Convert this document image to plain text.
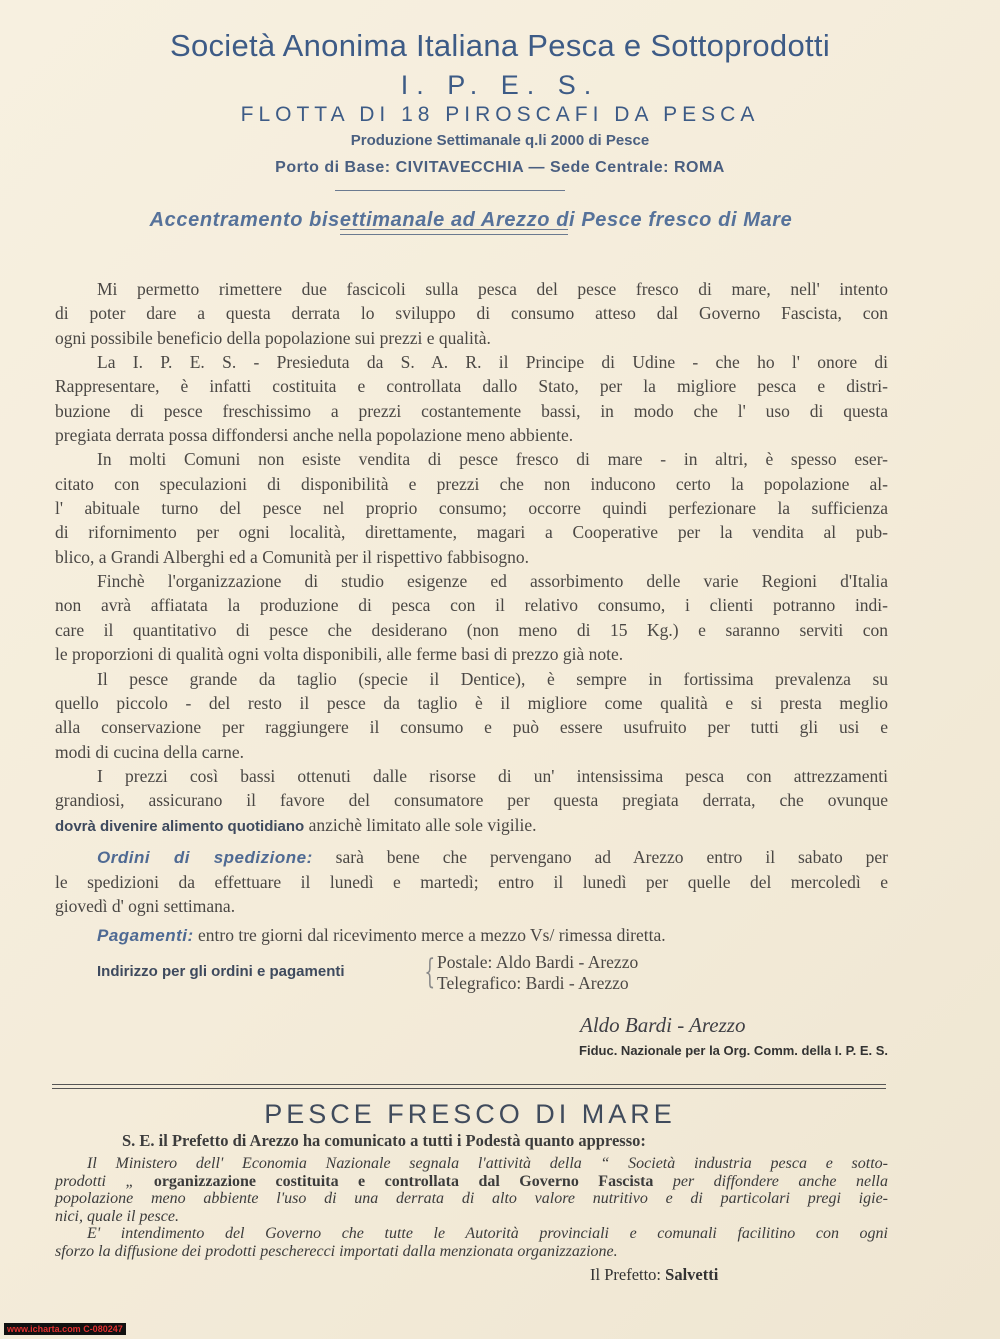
Società Anonima Italiana Pesca e Sottoprodotti
I. P. E. S.
FLOTTA DI 18 PIROSCAFI DA PESCA
Produzione Settimanale q.li 2000 di Pesce
Porto di Base: CIVITAVECCHIA — Sede Centrale: ROMA
Accentramento bisettimanale ad Arezzo di Pesce fresco di Mare
Mi permetto rimettere due fascicoli sulla pesca del pesce fresco di mare, nell' intento
di poter dare a questa derrata lo sviluppo di consumo atteso dal Governo Fascista, con
ogni possibile beneficio della popolazione sui prezzi e qualità.
La I. P. E. S. - Presieduta da S. A. R. il Principe di Udine - che ho l' onore di
Rappresentare, è infatti costituita e controllata dallo Stato, per la migliore pesca e distri-
buzione di pesce freschissimo a prezzi costantemente bassi, in modo che l' uso di questa
pregiata derrata possa diffondersi anche nella popolazione meno abbiente.
In molti Comuni non esiste vendita di pesce fresco di mare - in altri, è spesso eser-
citato con speculazioni di disponibilità e prezzi che non inducono certo la popolazione al-
l' abituale turno del pesce nel proprio consumo; occorre quindi perfezionare la sufficienza
di rifornimento per ogni località, direttamente, magari a Cooperative per la vendita al pub-
blico, a Grandi Alberghi ed a Comunità per il rispettivo fabbisogno.
Finchè l'organizzazione di studio esigenze ed assorbimento delle varie Regioni d'Italia
non avrà affiatata la produzione di pesca con il relativo consumo, i clienti potranno indi-
care il quantitativo di pesce che desiderano (non meno di 15 Kg.) e saranno serviti con
le proporzioni di qualità ogni volta disponibili, alle ferme basi di prezzo già note.
Il pesce grande da taglio (specie il Dentice), è sempre in fortissima prevalenza su
quello piccolo - del resto il pesce da taglio è il migliore come qualità e si presta meglio
alla conservazione per raggiungere il consumo e può essere usufruito per tutti gli usi e
modi di cucina della carne.
I prezzi così bassi ottenuti dalle risorse di un' intensissima pesca con attrezzamenti
grandiosi, assicurano il favore del consumatore per questa pregiata derrata, che ovunque
dovrà divenire alimento quotidiano anzichè limitato alle sole vigilie.
Ordini di spedizione: sarà bene che pervengano ad Arezzo entro il sabato per
le spedizioni da effettuare il lunedì e martedì; entro il lunedì per quelle del mercoledì e
giovedì d' ogni settimana.
Pagamenti: entro tre giorni dal ricevimento merce a mezzo Vs/ rimessa diretta.
Indirizzo per gli ordini e pagamenti { Postale: Aldo Bardi - Arezzo
Telegrafico: Bardi - Arezzo
Aldo Bardi - Arezzo
Fiduc. Nazionale per la Org. Comm. della I. P. E. S.
PESCE FRESCO DI MARE
S. E. il Prefetto di Arezzo ha comunicato a tutti i Podestà quanto appresso:
Il Ministero dell' Economia Nazionale segnala l'attività della “ Società industria pesca e sotto-
prodotti „ organizzazione costituita e controllata dal Governo Fascista per diffondere anche nella
popolazione meno abbiente l'uso di una derrata di alto valore nutritivo e di particolari pregi igie-
nici, quale il pesce.
E' intendimento del Governo che tutte le Autorità provinciali e comunali facilitino con ogni
sforzo la diffusione dei prodotti pescherecci importati dalla menzionata organizzazione.
Il Prefetto: Salvetti
www.icharta.com C-080247
